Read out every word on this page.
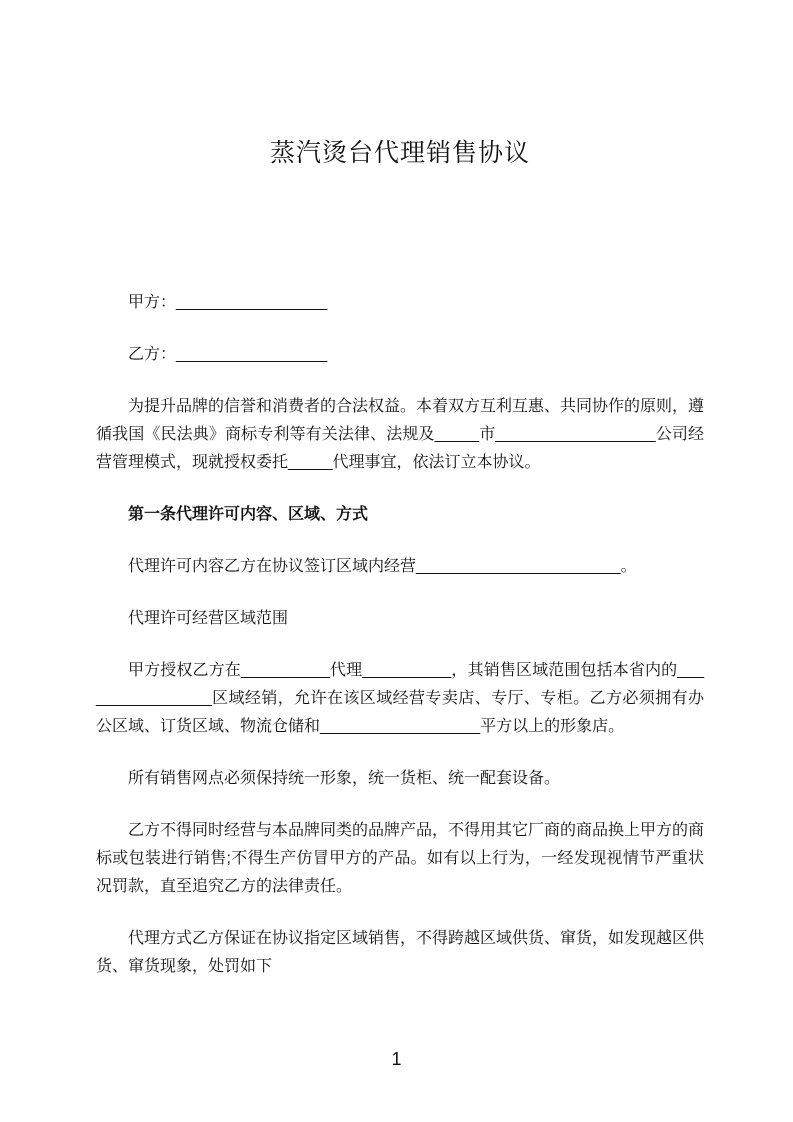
蒸汽烫台代理销售协议

甲方：_________________

乙方：_________________

为提升品牌的信誉和消费者的合法权益。本着双方互利互惠、共同协作的原则，遵循我国《民法典》商标专利等有关法律、法规及_____市__________________公司经营管理模式，现就授权委托_____代理事宜，依法订立本协议。

第一条代理许可内容、区域、方式

代理许可内容乙方在协议签订区域内经营_______________________。

代理许可经营区域范围

甲方授权乙方在__________代理__________，其销售区域范围包括本省内的________________区域经销，允许在该区域经营专卖店、专厅、专柜。乙方必须拥有办公区域、订货区域、物流仓储和__________________平方以上的形象店。

所有销售网点必须保持统一形象，统一货柜、统一配套设备。

乙方不得同时经营与本品牌同类的品牌产品，不得用其它厂商的商品换上甲方的商标或包装进行销售;不得生产仿冒甲方的产品。如有以上行为，一经发现视情节严重状况罚款，直至追究乙方的法律责任。

代理方式乙方保证在协议指定区域销售，不得跨越区域供货、窜货，如发现越区供货、窜货现象，处罚如下

1
